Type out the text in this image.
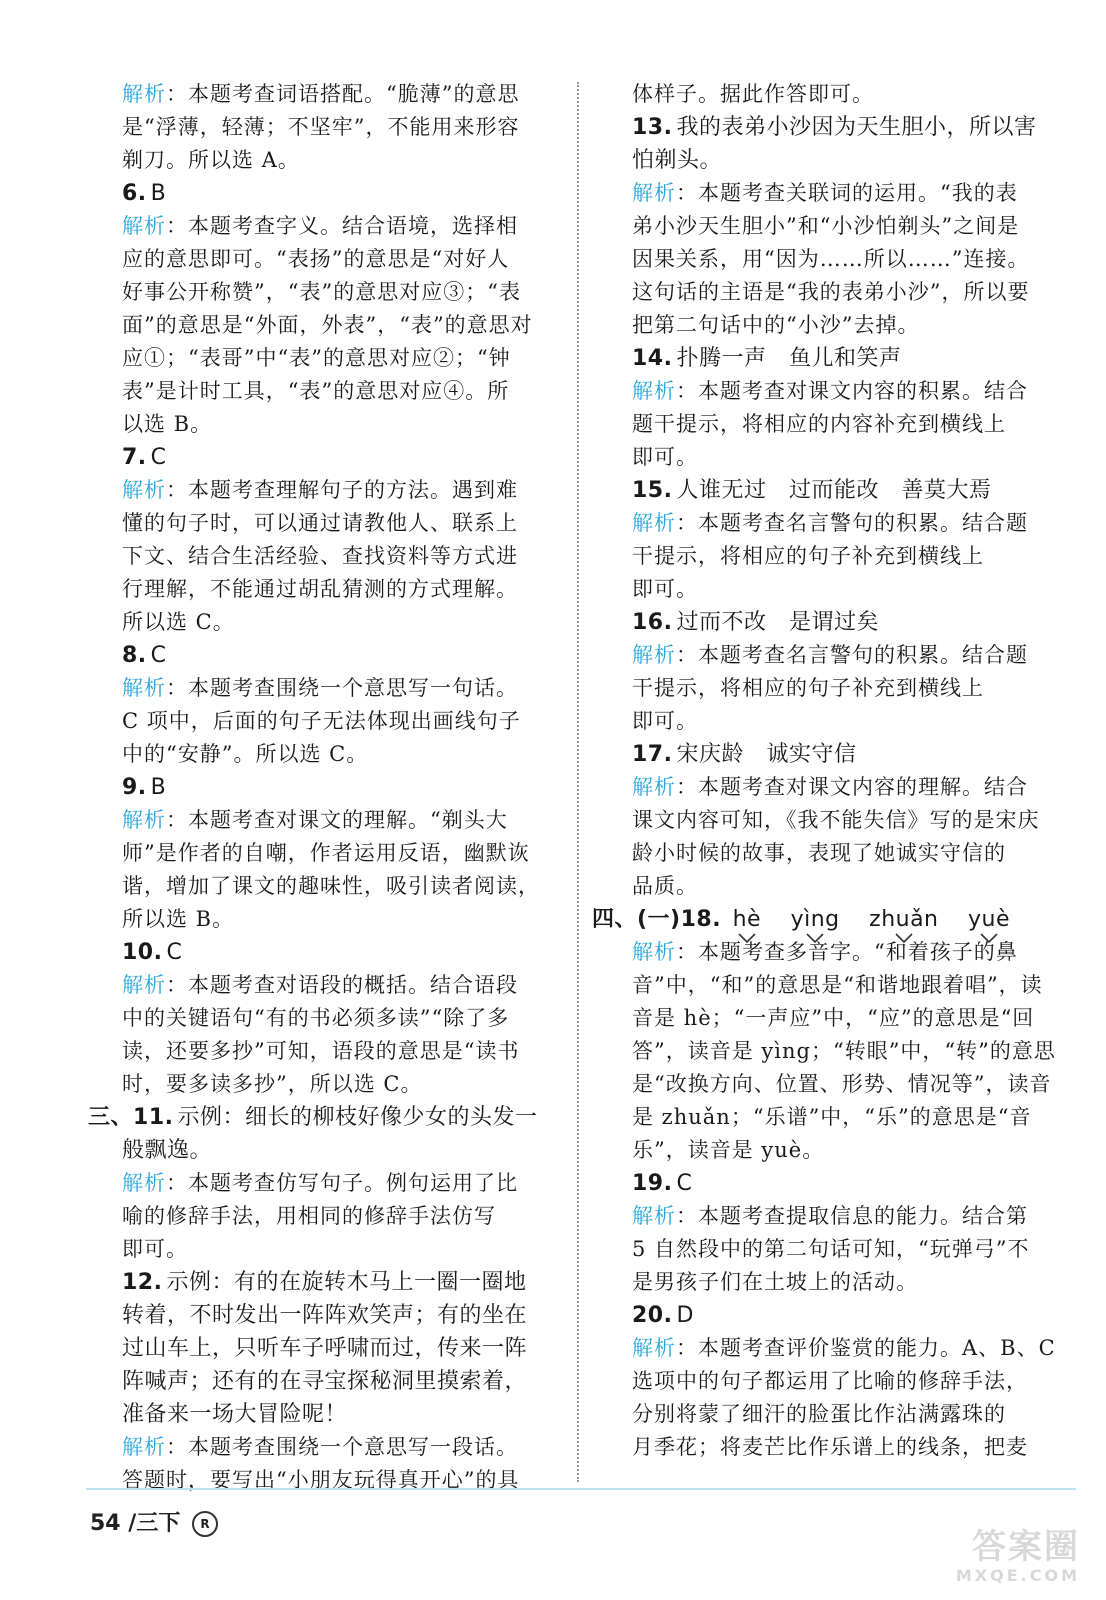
解析：本题考查词语搭配。“脆薄”的意思
是“浮薄，轻薄；不坚牢”，不能用来形容
剃刀。所以选 A。
6. B
解析：本题考查字义。结合语境，选择相
应的意思即可。“表扬”的意思是“对好人
好事公开称赞”，“表”的意思对应③；“表
面”的意思是“外面，外表”，“表”的意思对
应①；“表哥”中“表”的意思对应②；“钟
表”是计时工具，“表”的意思对应④。所
以选 B。
7. C
解析：本题考查理解句子的方法。遇到难
懂的句子时，可以通过请教他人、联系上
下文、结合生活经验、查找资料等方式进
行理解，不能通过胡乱猜测的方式理解。
所以选 C。
8. C
解析：本题考查围绕一个意思写一句话。
C 项中，后面的句子无法体现出画线句子
中的“安静”。所以选 C。
9. B
解析：本题考查对课文的理解。“剃头大
师”是作者的自嘲，作者运用反语，幽默诙
谐，增加了课文的趣味性，吸引读者阅读，
所以选 B。
10. C
解析：本题考查对语段的概括。结合语段
中的关键语句“有的书必须多读”“除了多
读，还要多抄”可知，语段的意思是“读书
时，要多读多抄”，所以选 C。
三、11. 示例：细长的柳枝好像少女的头发一
般飘逸。
解析：本题考查仿写句子。例句运用了比
喻的修辞手法，用相同的修辞手法仿写
即可。
12. 示例：有的在旋转木马上一圈一圈地
转着，不时发出一阵阵欢笑声；有的坐在
过山车上，只听车子呼啸而过，传来一阵
阵喊声；还有的在寻宝探秘洞里摸索着，
准备来一场大冒险呢！
解析：本题考查围绕一个意思写一段话。
答题时，要写出“小朋友玩得真开心”的具
体样子。据此作答即可。
13. 我的表弟小沙因为天生胆小，所以害
怕剃头。
解析：本题考查关联词的运用。“我的表
弟小沙天生胆小”和“小沙怕剃头”之间是
因果关系，用“因为……所以……”连接。
这句话的主语是“我的表弟小沙”，所以要
把第二句话中的“小沙”去掉。
14. 扑腾一声　鱼儿和笑声
解析：本题考查对课文内容的积累。结合
题干提示，将相应的内容补充到横线上
即可。
15. 人谁无过　过而能改　善莫大焉
解析：本题考查名言警句的积累。结合题
干提示，将相应的句子补充到横线上
即可。
16. 过而不改　是谓过矣
解析：本题考查名言警句的积累。结合题
干提示，将相应的句子补充到横线上
即可。
17. 宋庆龄　诚实守信
解析：本题考查对课文内容的理解。结合
课文内容可知，《我不能失信》写的是宋庆
龄小时候的故事，表现了她诚实守信的
品质。
四、(一)18. hè yìng zhuǎn yuè
解析：本题考查多音字。“和着孩子的鼻
音”中，“和”的意思是“和谐地跟着唱”，读
音是 hè；“一声应”中，“应”的意思是“回
答”，读音是 yìng；“转眼”中，“转”的意思
是“改换方向、位置、形势、情况等”，读音
是 zhuǎn；“乐谱”中，“乐”的意思是“音
乐”，读音是 yuè。
19. C
解析：本题考查提取信息的能力。结合第
5 自然段中的第二句话可知，“玩弹弓”不
是男孩子们在土坡上的活动。
20. D
解析：本题考查评价鉴赏的能力。A、B、C
选项中的句子都运用了比喻的修辞手法，
分别将蒙了细汗的脸蛋比作沾满露珠的
月季花；将麦芒比作乐谱上的线条，把麦
54 /三下 R
答案圈
MXQE.COM
